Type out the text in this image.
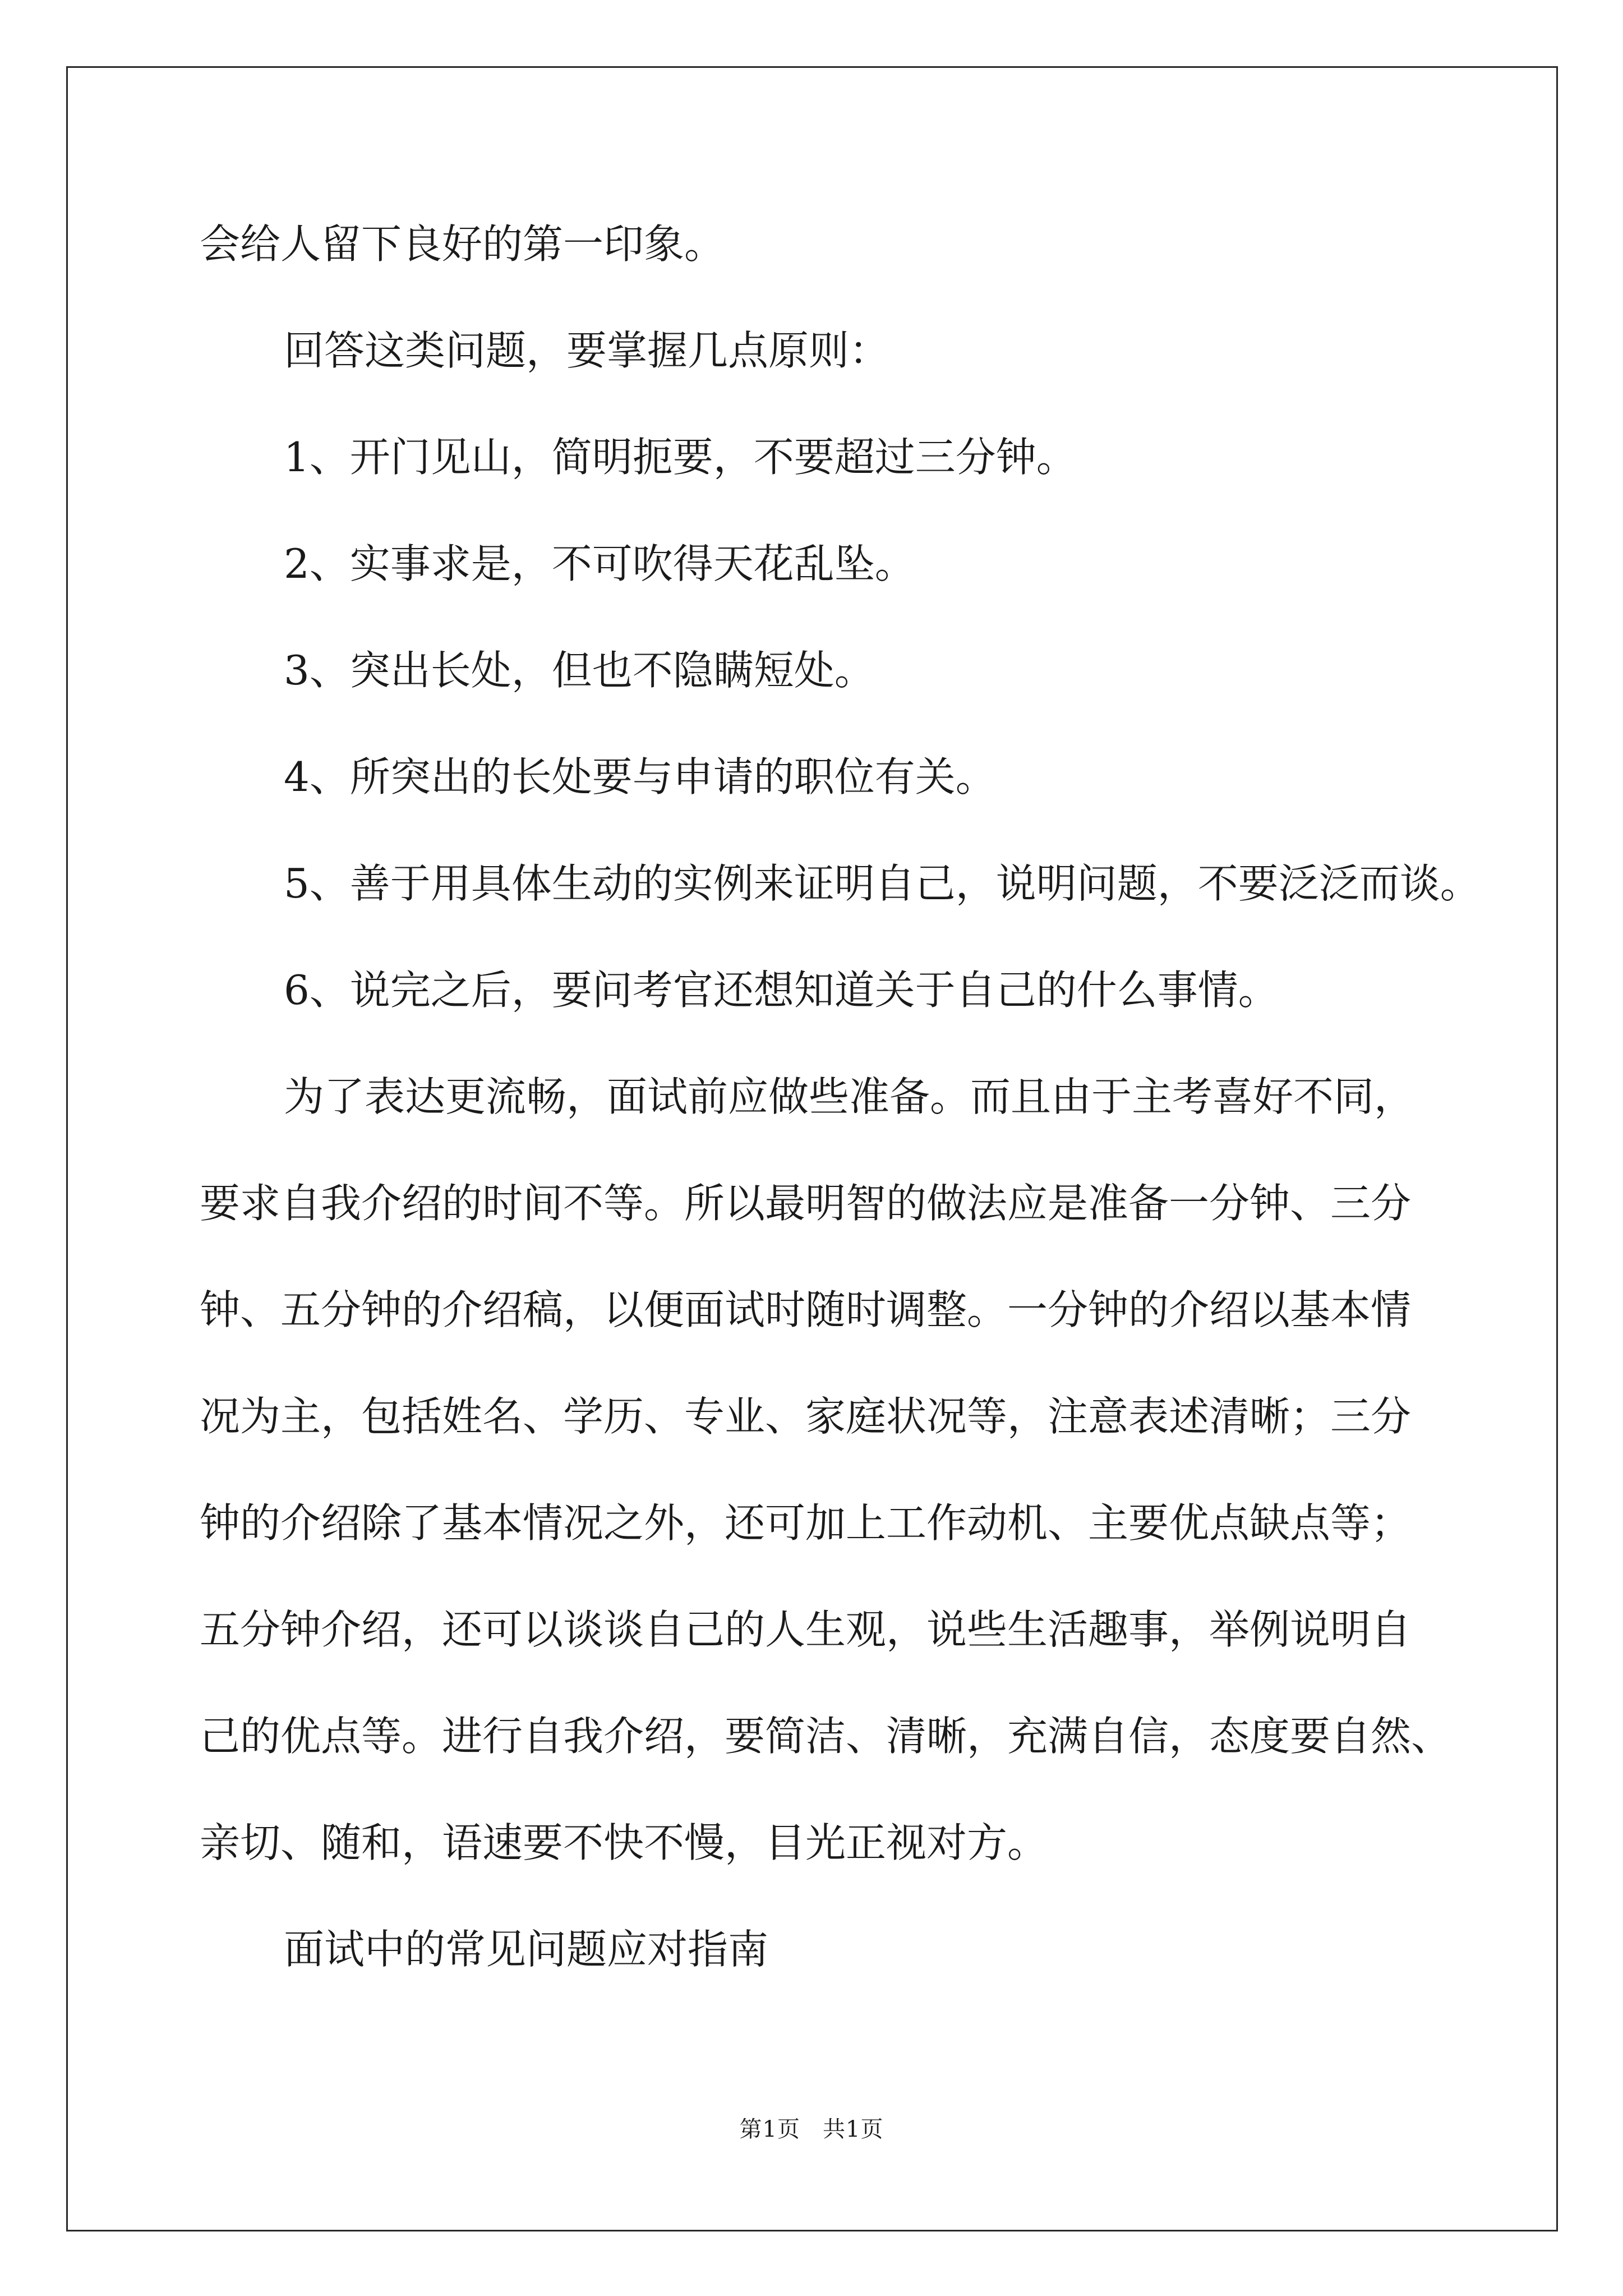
会给人留下良好的第一印象。
回答这类问题，要掌握几点原则：
1、开门见山，简明扼要，不要超过三分钟。
2、实事求是，不可吹得天花乱坠。
3、突出长处，但也不隐瞒短处。
4、所突出的长处要与申请的职位有关。
5、善于用具体生动的实例来证明自己，说明问题，不要泛泛而谈。
6、说完之后，要问考官还想知道关于自己的什么事情。
为了表达更流畅，面试前应做些准备。而且由于主考喜好不同，
要求自我介绍的时间不等。所以最明智的做法应是准备一分钟、三分
钟、五分钟的介绍稿，以便面试时随时调整。一分钟的介绍以基本情
况为主，包括姓名、学历、专业、家庭状况等，注意表述清晰；三分
钟的介绍除了基本情况之外，还可加上工作动机、主要优点缺点等；
五分钟介绍，还可以谈谈自己的人生观，说些生活趣事，举例说明自
己的优点等。进行自我介绍，要简洁、清晰，充满自信，态度要自然、
亲切、随和，语速要不快不慢，目光正视对方。
面试中的常见问题应对指南
第1页 共1页
